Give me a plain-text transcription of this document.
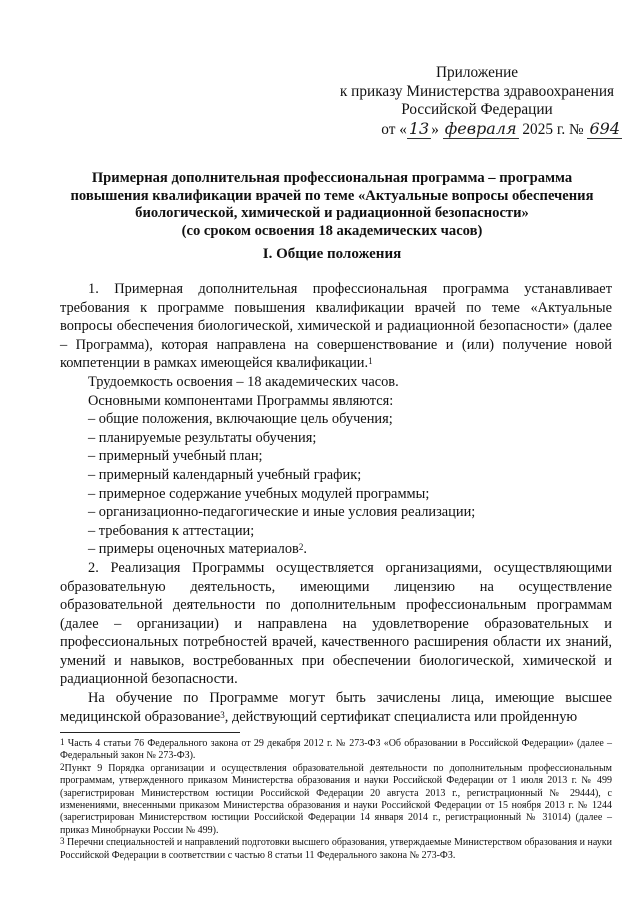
Приложение
к приказу Министерства здравоохранения
Российской Федерации
от « 13 » февраля 2025 г. № 694
Примерная дополнительная профессиональная программа – программа
повышения квалификации врачей по теме «Актуальные вопросы обеспечения
биологической, химической и радиационной безопасности»
(со сроком освоения 18 академических часов)
I. Общие положения

1. Примерная дополнительная профессиональная программа устанавливает требования к программе повышения квалификации врачей по теме «Актуальные вопросы обеспечения биологической, химической и радиационной безопасности» (далее – Программа), которая направлена на совершенствование и (или) получение новой компетенции в рамках имеющейся квалификации.$^1$

Трудоемкость освоения – 18 академических часов.

Основными компонентами Программы являются:

– общие положения, включающие цель обучения;

– планируемые результаты обучения;

– примерный учебный план;

– примерный календарный учебный график;

– примерное содержание учебных модулей программы;

– организационно-педагогические и иные условия реализации;

– требования к аттестации;

– примеры оценочных материалов$^2$.

2. Реализация Программы осуществляется организациями, осуществляющими образовательную деятельность, имеющими лицензию на осуществление образовательной деятельности по дополнительным профессиональным программам (далее – организации) и направлена на удовлетворение образовательных и профессиональных потребностей врачей, качественного расширения области их знаний, умений и навыков, востребованных при обеспечении биологической, химической и радиационной безопасности.

На обучение по Программе могут быть зачислены лица, имеющие высшее медицинской образование$^3$, действующий сертификат специалиста или пройденную

$^1$ Часть 4 статьи 76 Федерального закона от 29 декабря 2012 г. № 273-ФЗ «Об образовании в Российской Федерации» (далее – Федеральный закон № 273-ФЗ).

$^2$Пункт 9 Порядка организации и осуществления образовательной деятельности по дополнительным профессиональным программам, утвержденного приказом Министерства образования и науки Российской Федерации от 1 июля 2013 г. № 499 (зарегистрирован Министерством юстиции Российской Федерации 20 августа 2013 г., регистрационный № 29444), с изменениями, внесенными приказом Министерства образования и науки Российской Федерации от 15 ноября 2013 г. № 1244 (зарегистрирован Министерством юстиции Российской Федерации 14 января 2014 г., регистрационный № 31014) (далее – приказ Минобрнауки России № 499).

$^3$ Перечни специальностей и направлений подготовки высшего образования, утверждаемые Министерством образования и науки Российской Федерации в соответствии с частью 8 статьи 11 Федерального закона № 273-ФЗ.
